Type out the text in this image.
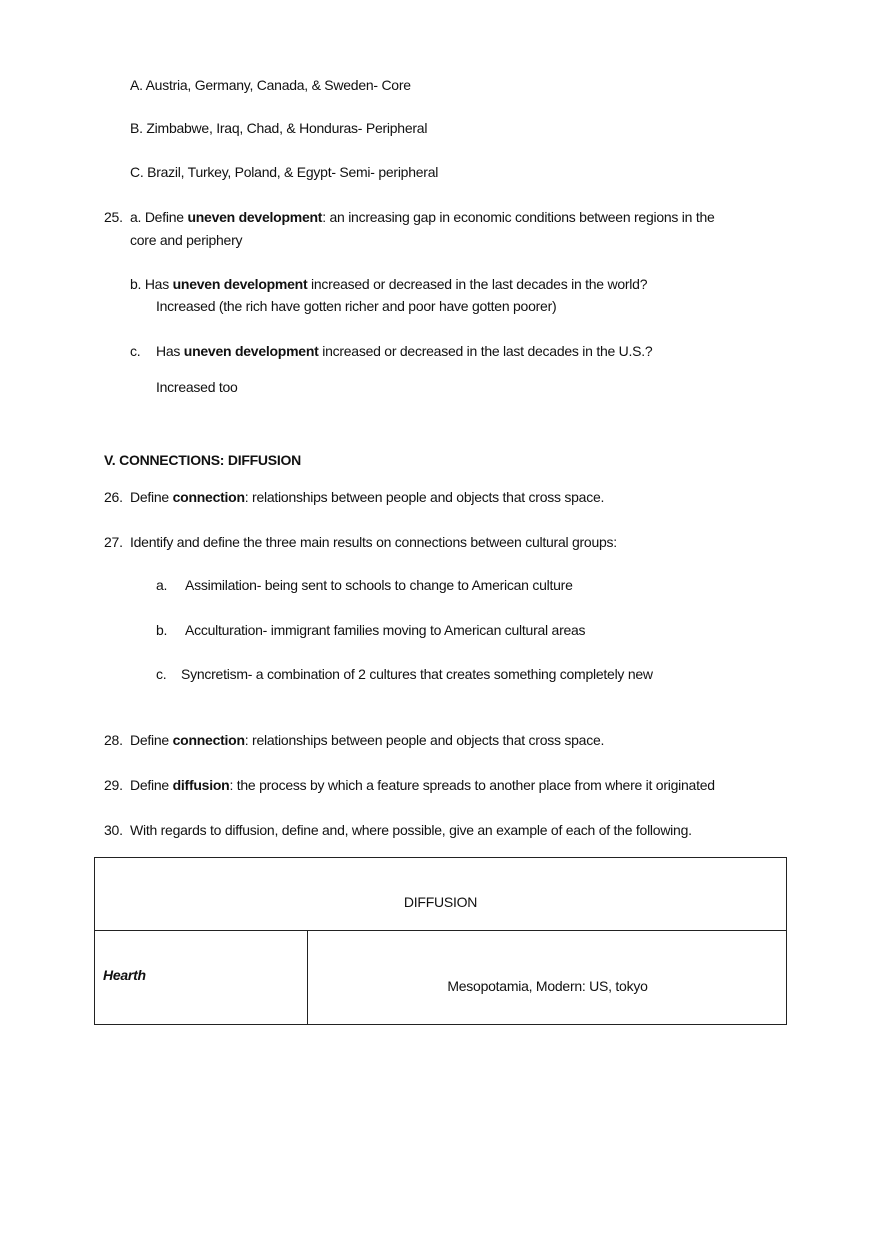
A. Austria, Germany, Canada, & Sweden- Core
B. Zimbabwe, Iraq, Chad, & Honduras- Peripheral
C. Brazil, Turkey, Poland, & Egypt- Semi- peripheral
25. a. Define uneven development: an increasing gap in economic conditions between regions in the
core and periphery
b. Has uneven development increased or decreased in the last decades in the world?
Increased (the rich have gotten richer and poor have gotten poorer)
c. Has uneven development increased or decreased in the last decades in the U.S.?
Increased too
V. CONNECTIONS: DIFFUSION
26. Define connection: relationships between people and objects that cross space.
27. Identify and define the three main results on connections between cultural groups:
a. Assimilation- being sent to schools to change to American culture
b. Acculturation- immigrant families moving to American cultural areas
c. Syncretism- a combination of 2 cultures that creates something completely new
28. Define connection: relationships between people and objects that cross space.
29. Define diffusion: the process by which a feature spreads to another place from where it originated
30. With regards to diffusion, define and, where possible, give an example of each of the following.
DIFFUSION
Hearth
Mesopotamia, Modern: US, tokyo
